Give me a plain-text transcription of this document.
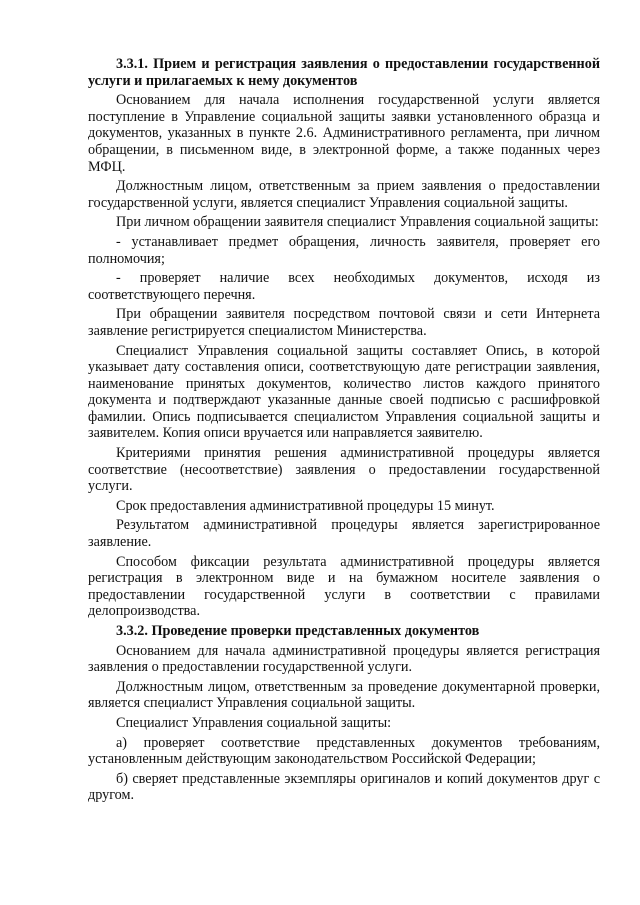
3.3.1. Прием и регистрация заявления о предоставлении государственной услуги и прилагаемых к нему документов

Основанием для начала исполнения государственной услуги является поступление в Управление социальной защиты заявки установленного образца и документов, указанных в пункте 2.6. Административного регламента, при личном обращении, в письменном виде, в электронной форме, а также поданных через МФЦ.

Должностным лицом, ответственным за прием заявления о предоставлении государственной услуги, является специалист Управления социальной защиты.

При личном обращении заявителя специалист Управления социальной защиты:

- устанавливает предмет обращения, личность заявителя, проверяет его полномочия;

- проверяет наличие всех необходимых документов, исходя из соответствующего перечня.

При обращении заявителя посредством почтовой связи и сети Интернета заявление регистрируется специалистом Министерства.

Специалист Управления социальной защиты составляет Опись, в которой указывает дату составления описи, соответствующую дате регистрации заявления, наименование принятых документов, количество листов каждого принятого документа и подтверждают указанные данные своей подписью с расшифровкой фамилии. Опись подписывается специалистом Управления социальной защиты и заявителем. Копия описи вручается или направляется заявителю.

Критериями принятия решения административной процедуры является соответствие (несоответствие) заявления о предоставлении государственной услуги.

Срок предоставления административной процедуры 15 минут.

Результатом административной процедуры является зарегистрированное заявление.

Способом фиксации результата административной процедуры является регистрация в электронном виде и на бумажном носителе заявления о предоставлении государственной услуги в соответствии с правилами делопроизводства.

3.3.2. Проведение проверки представленных документов

Основанием для начала административной процедуры является регистрация заявления о предоставлении государственной услуги.

Должностным лицом, ответственным за проведение документарной проверки, является специалист Управления социальной защиты.

Специалист Управления социальной защиты:

а) проверяет соответствие представленных документов требованиям, установленным действующим законодательством Российской Федерации;

б) сверяет представленные экземпляры оригиналов и копий документов друг с другом.
